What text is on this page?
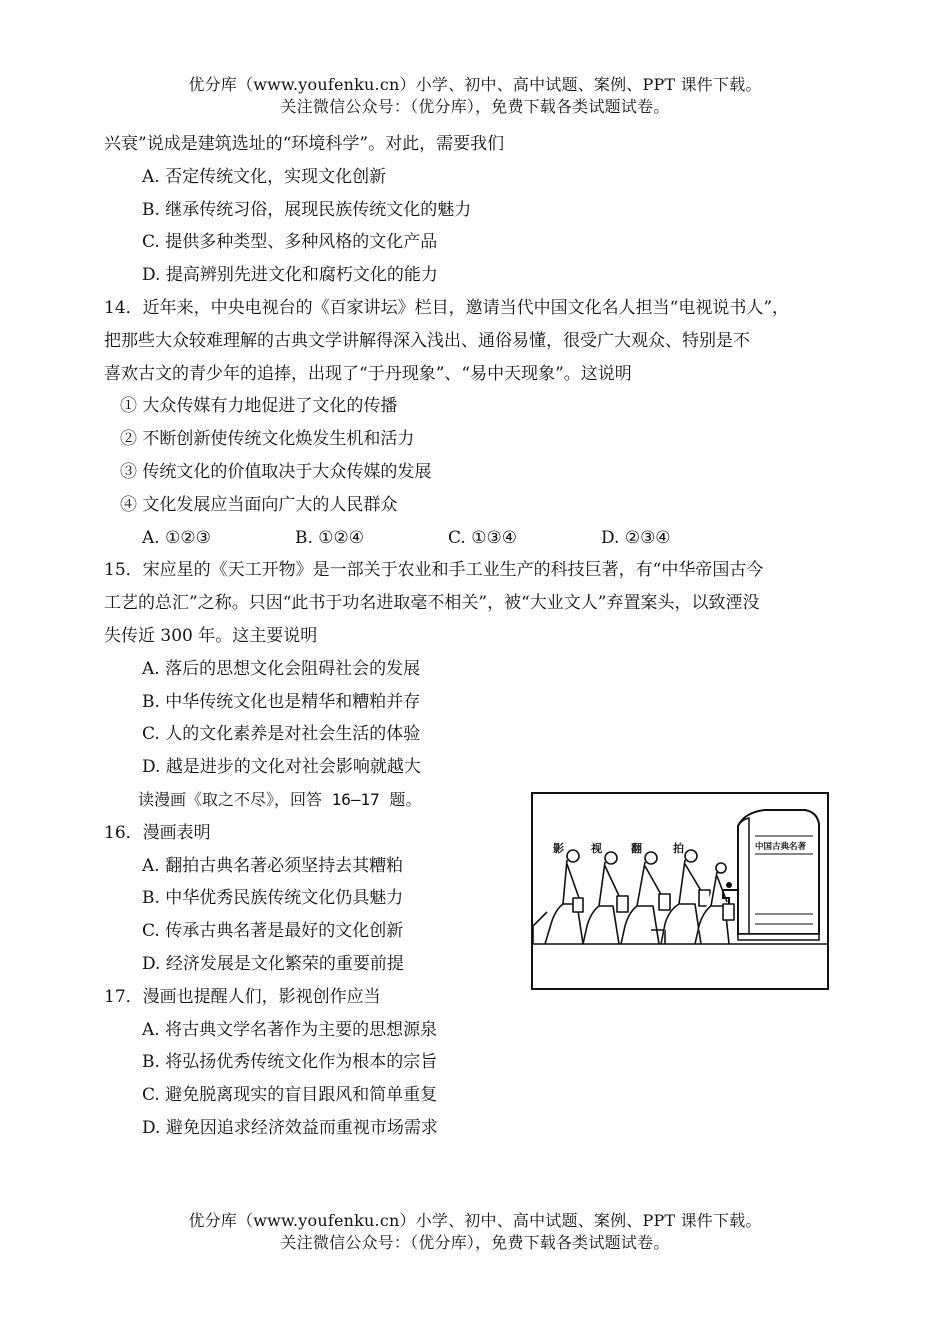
优分库（www.youfenku.cn）小学、初中、高中试题、案例、PPT 课件下载。
关注微信公众号：（优分库），免费下载各类试题试卷。
兴衰”说成是建筑选址的“环境科学”。对此，需要我们
A. 否定传统文化，实现文化创新
B. 继承传统习俗，展现民族传统文化的魅力
C. 提供多种类型、多种风格的文化产品
D. 提高辨别先进文化和腐朽文化的能力
14．近年来，中央电视台的《百家讲坛》栏目，邀请当代中国文化名人担当“电视说书人”，
把那些大众较难理解的古典文学讲解得深入浅出、通俗易懂，很受广大观众、特别是不
喜欢古文的青少年的追捧，出现了“于丹现象”、“易中天现象”。这说明
① 大众传媒有力地促进了文化的传播
② 不断创新使传统文化焕发生机和活力
③ 传统文化的价值取决于大众传媒的发展
④ 文化发展应当面向广大的人民群众
A. ①②③	B. ①②④	C. ①③④	D. ②③④
15．宋应星的《天工开物》是一部关于农业和手工业生产的科技巨著，有“中华帝国古今
工艺的总汇”之称。只因“此书于功名进取毫不相关”，被“大业文人”弃置案头，以致湮没
失传近 300 年。这主要说明
A. 落后的思想文化会阻碍社会的发展
B. 中华传统文化也是精华和糟粕并存
C. 人的文化素养是对社会生活的体验
D. 越是进步的文化对社会影响就越大
读漫画《取之不尽》，回答 16—17 题。
16．漫画表明
A. 翻拍古典名著必须坚持去其糟粕
B. 中华优秀民族传统文化仍具魅力
C. 传承古典名著是最好的文化创新
D. 经济发展是文化繁荣的重要前提
17．漫画也提醒人们，影视创作应当
A. 将古典文学名著作为主要的思想源泉
B. 将弘扬优秀传统文化作为根本的宗旨
C. 避免脱离现实的盲目跟风和简单重复
D. 避免因追求经济效益而重视市场需求
中国古典名著
影 视	翻	拍
优分库（www.youfenku.cn）小学、初中、高中试题、案例、PPT 课件下载。
关注微信公众号：（优分库），免费下载各类试题试卷。
